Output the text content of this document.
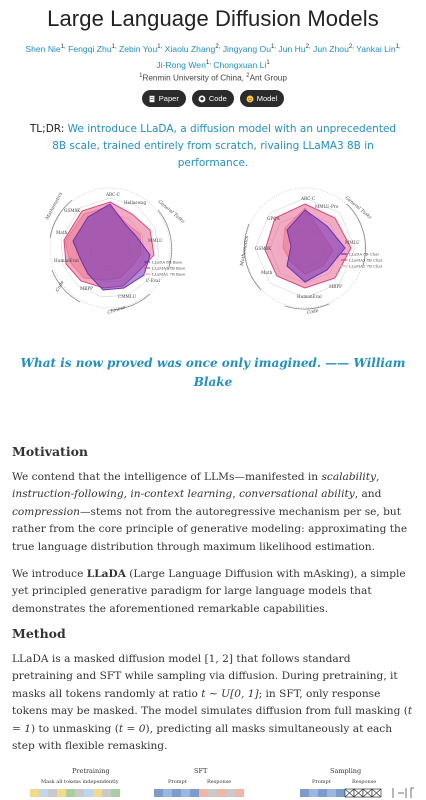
Large Language Diffusion Models
Shen Nie$^{1,}$ Fengqi Zhu$^{1,}$ Zebin You$^{1,}$ Xiaolu Zhang$^{2,}$ Jingyang $Ou^{1,}$ Jun $Hu^{2,}$ Jun Zhou$^{2,}$ Yankai Lin$^{1,}$
Ji-Rong Wen$^{1,}$ Chongxuan Li$^1$
$^1$Renmin University of China, $^2$Ant Group
Paper	Code	Model
TL;DR: We introduce LLaDA, a diffusion model with an unprecedented 8B scale, trained entirely from scratch, rivaling LLaMA3 8B in performance.
ARC-C
Hellaswag
MMLU
C-Eval
CMMLU
MBPP
HumanEval
GSM8K
Math
General Tasks
Chinese
Code
Mathematics
LLaDA 8B Base
LLaMA3 8B Base
LLaMA2 7B Base
ARC-C
MMLU-Pro
MMLU
GSM8K
Math
HumanEval
MBPP
GPQA	General Tasks
Code
Mathematics	LLaDA 8B Chat
LLaMA3 8B Chat
LLaMA2 7B Chat
What is now proved was once only imagined. —— William Blake
Motivation

We contend that the intelligence of LLMs—manifested in scalability, instruction-following, in-context learning, conversational ability, and compression—stems not from the autoregressive mechanism per se, but rather from the core principle of generative modeling: approximating the true language distribution through maximum likelihood estimation.

We introduce LLaDA (Large Language Diffusion with mAsking), a simple yet principled generative paradigm for large language models that demonstrates the aforementioned remarkable capabilities.

Method

LLaDA is a masked diffusion model [1, 2] that follows standard pretraining and SFT while sampling via diffusion. During pretraining, it masks all tokens randomly at ratio t ∼ U[0, 1]; in SFT, only response tokens may be masked. The model simulates diffusion from full masking (t = 1) to unmasking (t = 0), predicting all masks simultaneously at each step with flexible remasking.

Pretraining
Mask all tokens independently
SFT
Prompt	Response
Sampling
Prompt	Response
